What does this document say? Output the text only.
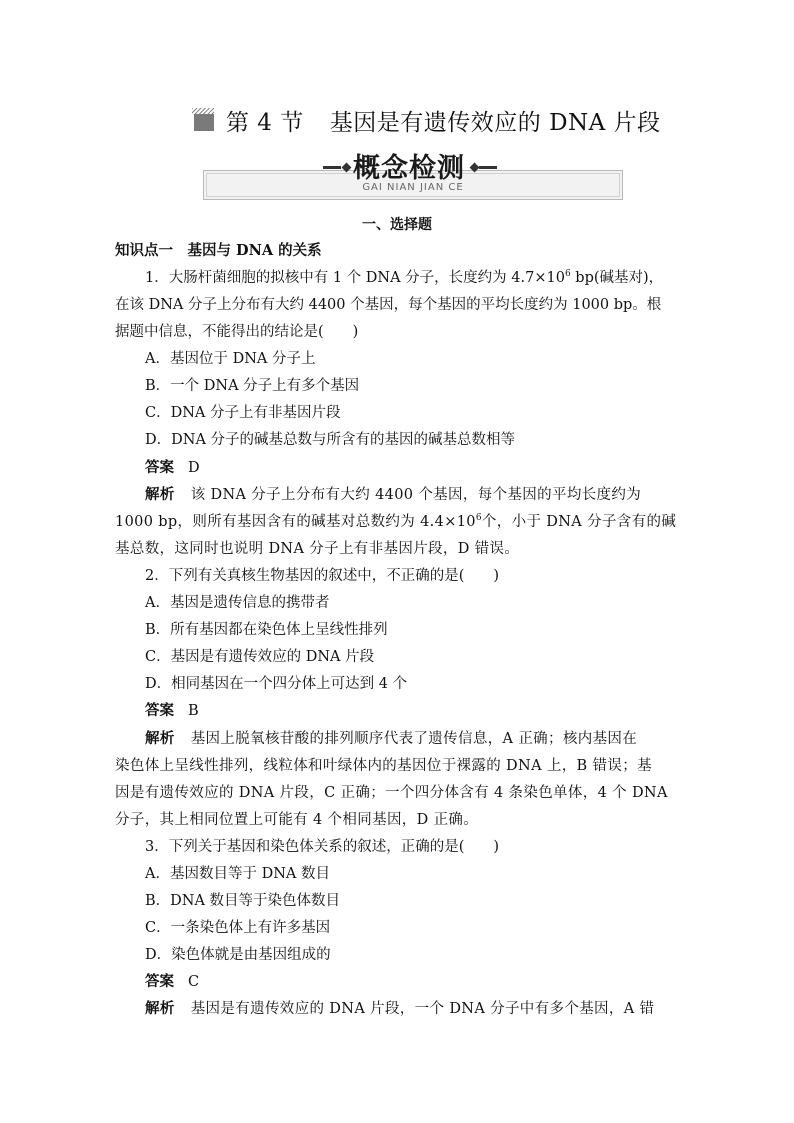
第 4 节 基因是有遗传效应的 DNA 片段
概念检测
GAI NIAN JIAN CE
一、选择题
知识点一　基因与 DNA 的关系
1．大肠杆菌细胞的拟核中有 1 个 DNA 分子，长度约为 $4.7\times 10^6$ bp(碱基对)，
在该 DNA 分子上分布有大约 4400 个基因，每个基因的平均长度约为 1000 bp。根
据题中信息，不能得出的结论是(　　)
A．基因位于 DNA 分子上
B．一个 DNA 分子上有多个基因
C．DNA 分子上有非基因片段
D．DNA 分子的碱基总数与所含有的基因的碱基总数相等
答案 D
解析 该 DNA 分子上分布有大约 4400 个基因，每个基因的平均长度约为
1000 bp，则所有基因含有的碱基对总数约为 $4.4\times 10^6$个，小于 DNA 分子含有的碱
基总数，这同时也说明 DNA 分子上有非基因片段，D 错误。
2．下列有关真核生物基因的叙述中，不正确的是(　　)
A．基因是遗传信息的携带者
B．所有基因都在染色体上呈线性排列
C．基因是有遗传效应的 DNA 片段
D．相同基因在一个四分体上可达到 4 个
答案 B
解析 基因上脱氧核苷酸的排列顺序代表了遗传信息，A 正确；核内基因在
染色体上呈线性排列，线粒体和叶绿体内的基因位于裸露的 DNA 上，B 错误；基
因是有遗传效应的 DNA 片段，C 正确；一个四分体含有 4 条染色单体，4 个 DNA
分子，其上相同位置上可能有 4 个相同基因，D 正确。
3．下列关于基因和染色体关系的叙述，正确的是(　　)
A．基因数目等于 DNA 数目
B．DNA 数目等于染色体数目
C．一条染色体上有许多基因
D．染色体就是由基因组成的
答案 C
解析 基因是有遗传效应的 DNA 片段，一个 DNA 分子中有多个基因，A 错
